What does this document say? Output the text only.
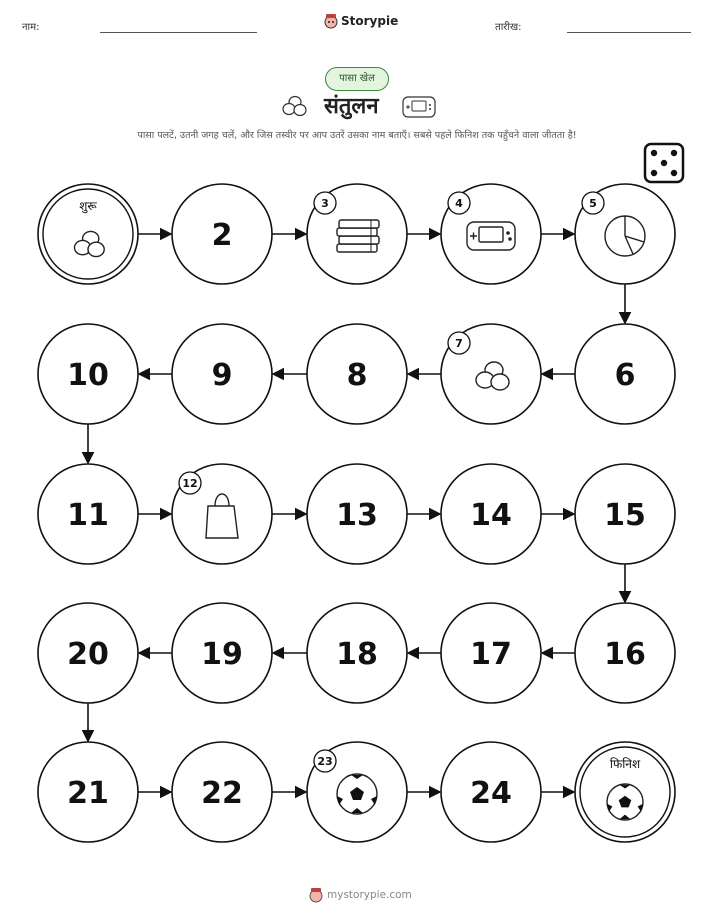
नाम:	Storypie	तारीख:
पासा खेल
संतुलन
पासा पलटें, उतनी जगह चलें, और जिस तस्वीर पर आप उतरें उसका नाम बताएँ। सबसे पहले फिनिश तक पहुँचने वाला जीतता है!
शुरू
2
3	4	5
6
7
8
9
10
11
12
13	14	15
16
17
18
19
20
21	22
23
24
फिनिश
mystorypie.com
